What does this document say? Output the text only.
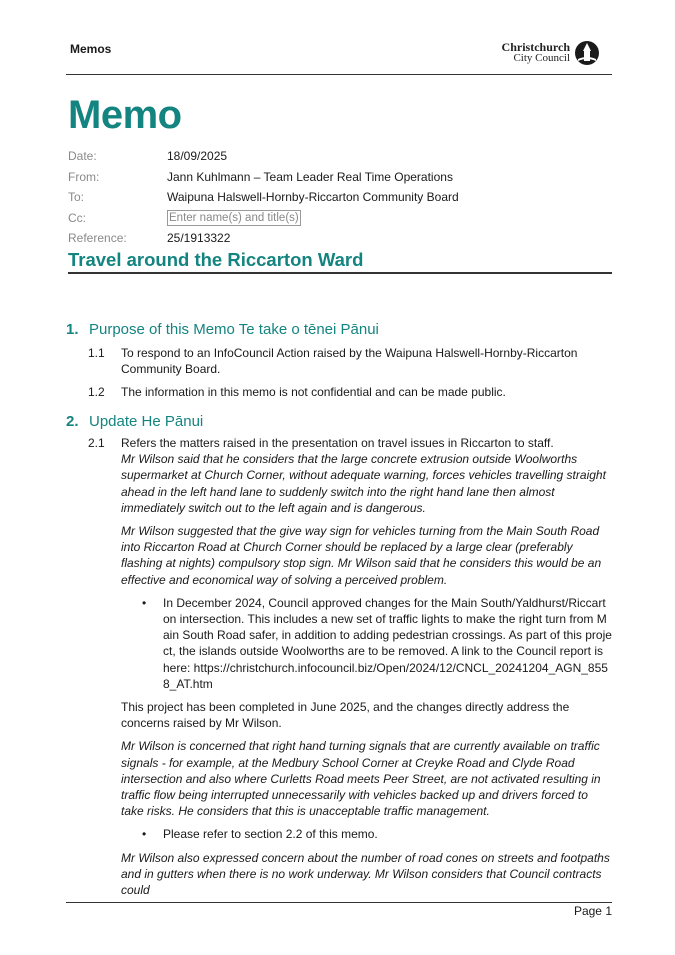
Memos	Christchurch
City Council
Memo
Date:	18/09/2025
From:	Jann Kuhlmann – Team Leader Real Time Operations
To:	Waipuna Halswell-Hornby-Riccarton Community Board
Cc:	Enter name(s) and title(s)
Reference:	25/1913322
Travel around the Riccarton Ward
1. Purpose of this Memo Te take o tēnei Pānui
1.1	To respond to an InfoCouncil Action raised by the Waipuna Halswell-Hornby-Riccarton Community Board.
1.2	The information in this memo is not confidential and can be made public.
2. Update He Pānui
2.1	Refers the matters raised in the presentation on travel issues in Riccarton to staff.
Mr Wilson said that he considers that the large concrete extrusion outside Woolworths supermarket at Church Corner, without adequate warning, forces vehicles travelling straight ahead in the left hand lane to suddenly switch into the right hand lane then almost immediately switch out to the left again and is dangerous.
Mr Wilson suggested that the give way sign for vehicles turning from the Main South Road into Riccarton Road at Church Corner should be replaced by a large clear (preferably flashing at nights) compulsory stop sign. Mr Wilson said that he considers this would be an effective and economical way of solving a perceived problem.
•	In December 2024, Council approved changes for the Main South/Yaldhurst/Riccarton intersection. This includes a new set of traffic lights to make the right turn from Main South Road safer, in addition to adding pedestrian crossings. As part of this project, the islands outside Woolworths are to be removed. A link to the Council report is here: https://christchurch.infocouncil.biz/Open/2024/12/CNCL_20241204_AGN_8558_AT.htm
This project has been completed in June 2025, and the changes directly address the concerns raised by Mr Wilson.
Mr Wilson is concerned that right hand turning signals that are currently available on traffic signals - for example, at the Medbury School Corner at Creyke Road and Clyde Road intersection and also where Curletts Road meets Peer Street, are not activated resulting in traffic flow being interrupted unnecessarily with vehicles backed up and drivers forced to take risks. He considers that this is unacceptable traffic management.
•	Please refer to section 2.2 of this memo.
Mr Wilson also expressed concern about the number of road cones on streets and footpaths and in gutters when there is no work underway. Mr Wilson considers that Council contracts could
Page 1
